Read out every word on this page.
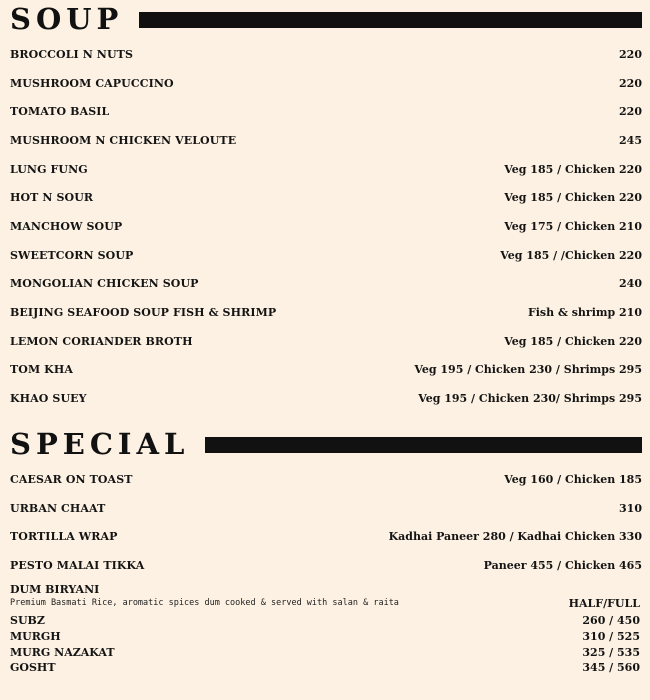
SOUP
BROCCOLI N NUTS	220
MUSHROOM CAPUCCINO	220
TOMATO BASIL	220
MUSHROOM N CHICKEN VELOUTE	245
LUNG FUNG	Veg 185 / Chicken 220
HOT N SOUR	Veg 185 / Chicken 220
MANCHOW SOUP	Veg 175 / Chicken 210
SWEETCORN SOUP	Veg 185 / /Chicken 220
MONGOLIAN CHICKEN SOUP	240
BEIJING SEAFOOD SOUP FISH & SHRIMP	Fish & shrimp 210
LEMON CORIANDER BROTH	Veg 185 / Chicken 220
TOM KHA	Veg 195 / Chicken 230 / Shrimps 295
KHAO SUEY	Veg 195 / Chicken 230/ Shrimps 295
SPECIAL
CAESAR ON TOAST	Veg 160 / Chicken 185
URBAN CHAAT	310
TORTILLA WRAP	Kadhai Paneer 280 / Kadhai Chicken 330
PESTO MALAI TIKKA	Paneer 455 / Chicken 465
DUM BIRYANI
Premium Basmati Rice, aromatic spices dum cooked & served with salan & raita	HALF/FULL
SUBZ	260 / 450
MURGH	310 / 525
MURG NAZAKAT	325 / 535
GOSHT	345 / 560
